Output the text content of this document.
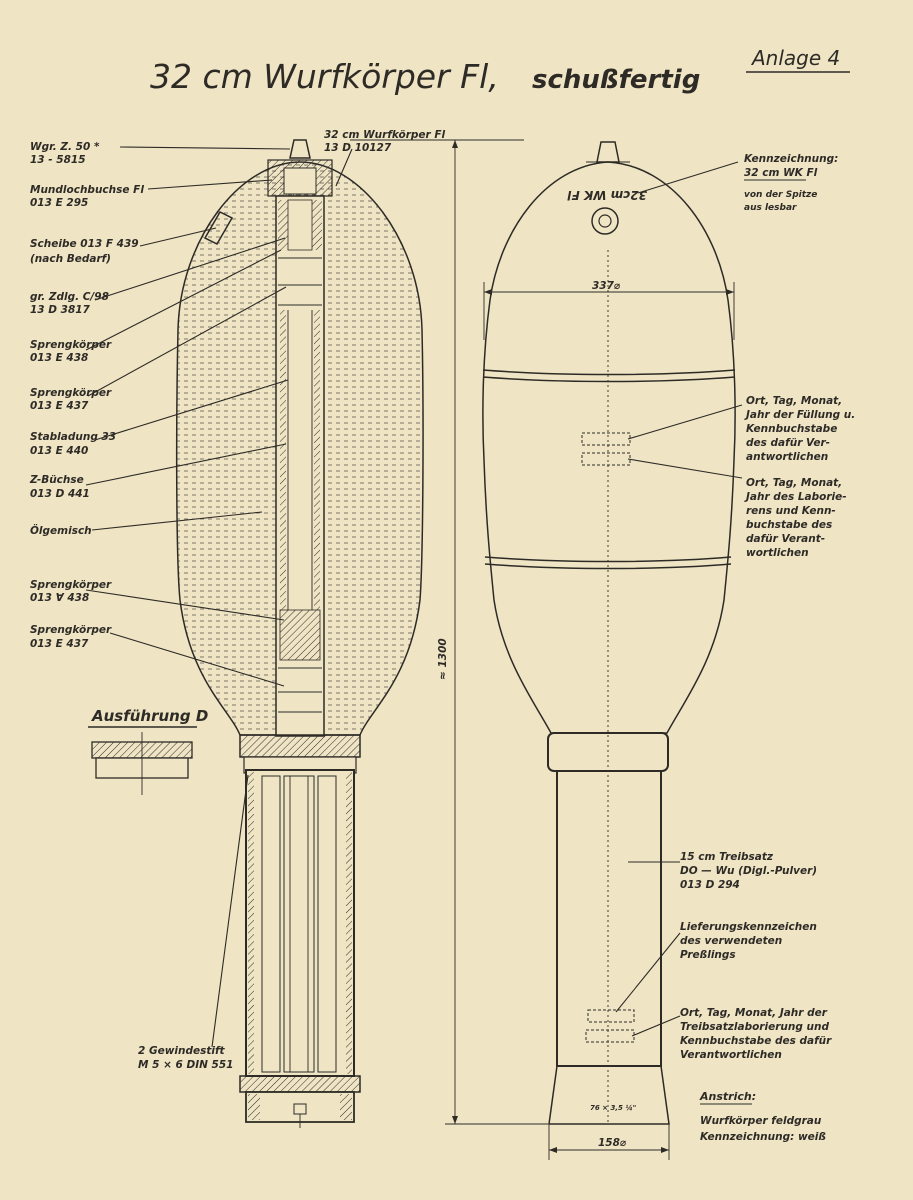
32 cm Wurfkörper Fl, schußfertig
Anlage 4
Ausführung D
Wgr. Z. 50 *
13 - 5815
Mundlochbuchse Fl
013 E 295
Scheibe 013 F 439
(nach Bedarf)
gr. Zdlg. C/98
13 D 3817
Sprengkörper
013 E 438
Sprengkörper
013 E 437
Stabladung 33
013 E 440
Z-Büchse
013 D 441
Ölgemisch
Sprengkörper
013 Ɐ 438
Sprengkörper
013 E 437
2 Gewindestift
M 5 × 6 DIN 551
32 cm Wurfkörper Fl
13 D 10127
≈ 1300
32cm WK Fl
76 × 3,5 ¼"
337⌀
158⌀
Kennzeichnung:
32 cm WK Fl
von der Spitze
aus lesbar
Ort, Tag, Monat,
Jahr der Füllung u.
Kennbuchstabe
des dafür Ver-
antwortlichen
Ort, Tag, Monat,
Jahr des Laborie-
rens und Kenn-
buchstabe des
dafür Verant-
wortlichen
15 cm Treibsatz
DO — Wu (Digl.-Pulver)
013 D 294
Lieferungskennzeichen
des verwendeten
Preßlings
Ort, Tag, Monat, Jahr der
Treibsatzlaborierung und
Kennbuchstabe des dafür
Verantwortlichen
Anstrich:
Wurfkörper feldgrau
Kennzeichnung: weiß
